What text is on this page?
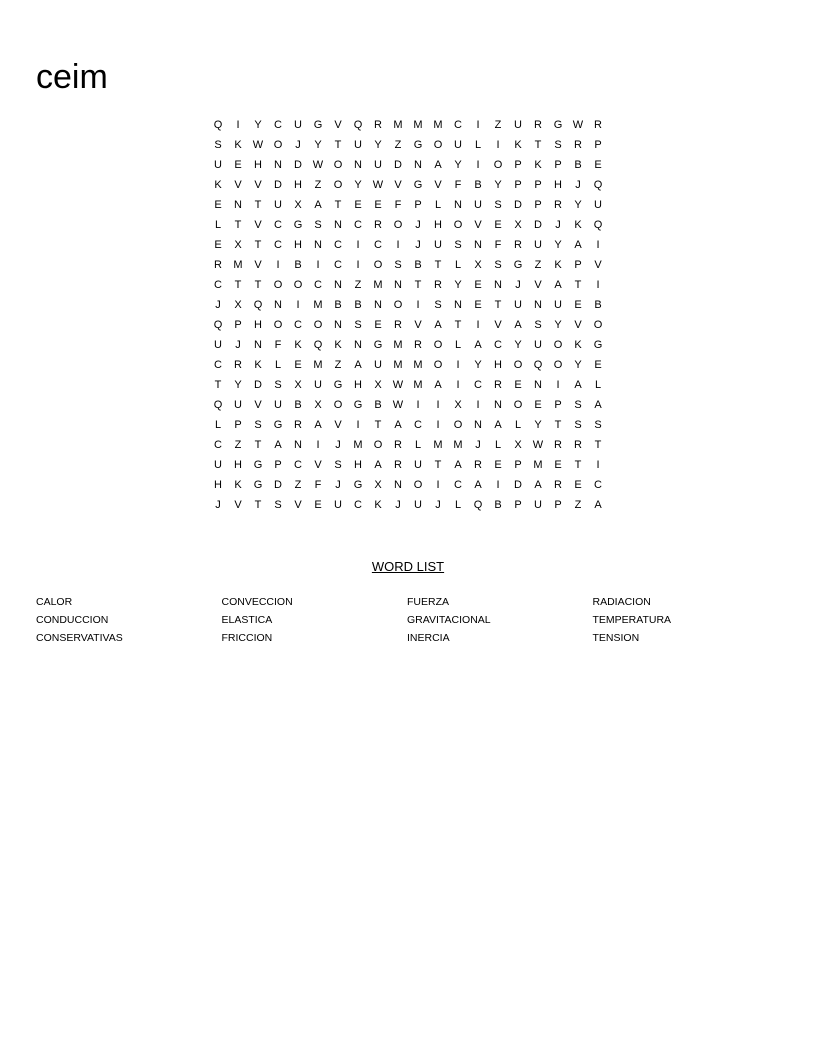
ceim
Q	I	Y	C	U	G	V	Q	R	M M M	C	I	Z	U	R	G W R
S	K	W O	J	Y	T	U	Y	Z	G	O	U	L	I	K	T	S	R	P
U	E	H	N	D W O	N	U	D	N	A	Y	I	O	P	K	P	B	E
K	V	V	D	H	Z	O	Y	W	V	G	V	F	B	Y	P	P	H	J	Q
E	N	T	U	X	A	T	E	E	F	P	L	N	U	S	D	P	R	Y	U
L	T	V	C	G	S	N	C	R	O	J	H	O	V	E	X	D	J	K	Q
E	X	T	C	H	N	C	I	C	I	J	U	S	N	F	R	U	Y	A	I
R	M	V	I	B	I	C	I	O	S	B	T	L	X	S	G	Z	K	P	V
C	T	T	O	O	C	N	Z	M	N	T	R	Y	E	N	J	V	A	T	I
J	X	Q	N	I	M	B	B	N	O	I	S	N	E	T	U	N	U	E	B
Q	P	H	O	C	O	N	S	E	R	V	A	T	I	V	A	S	Y	V	O
U	J	N	F	K	Q	K	N	G	M	R	O	L	A	C	Y	U	O	K	G
C	R	K	L	E	M	Z	A	U	M M	O	I	Y	H	O	Q	O	Y	E
T	Y	D	S	X	U	G	H	X	W M	A	I	C	R	E	N	I	A	L
Q	U	V	U	B	X	O	G	B	W	I	I	X	I	N	O	E	P	S	A
L	P	S	G	R	A	V	I	T	A	C	I	O	N	A	L	Y	T	S	S
C	Z	T	A	N	I	J	M	O	R	L	M M	J	L	X	W R	R	T
U	H	G	P	C	V	S	H	A	R	U	T	A	R	E	P	M	E	T	I
H	K	G	D	Z	F	J	G	X	N	O	I	C	A	I	D	A	R	E	C
J	V	T	S	V	E	U	C	K	J	U	J	L	Q	B	P	U	P	Z	A
WORD LIST
CALOR	CONVECCION	FUERZA	RADIACION
CONDUCCION	ELASTICA	GRAVITACIONAL	TEMPERATURA
CONSERVATIVAS	FRICCION	INERCIA	TENSION
